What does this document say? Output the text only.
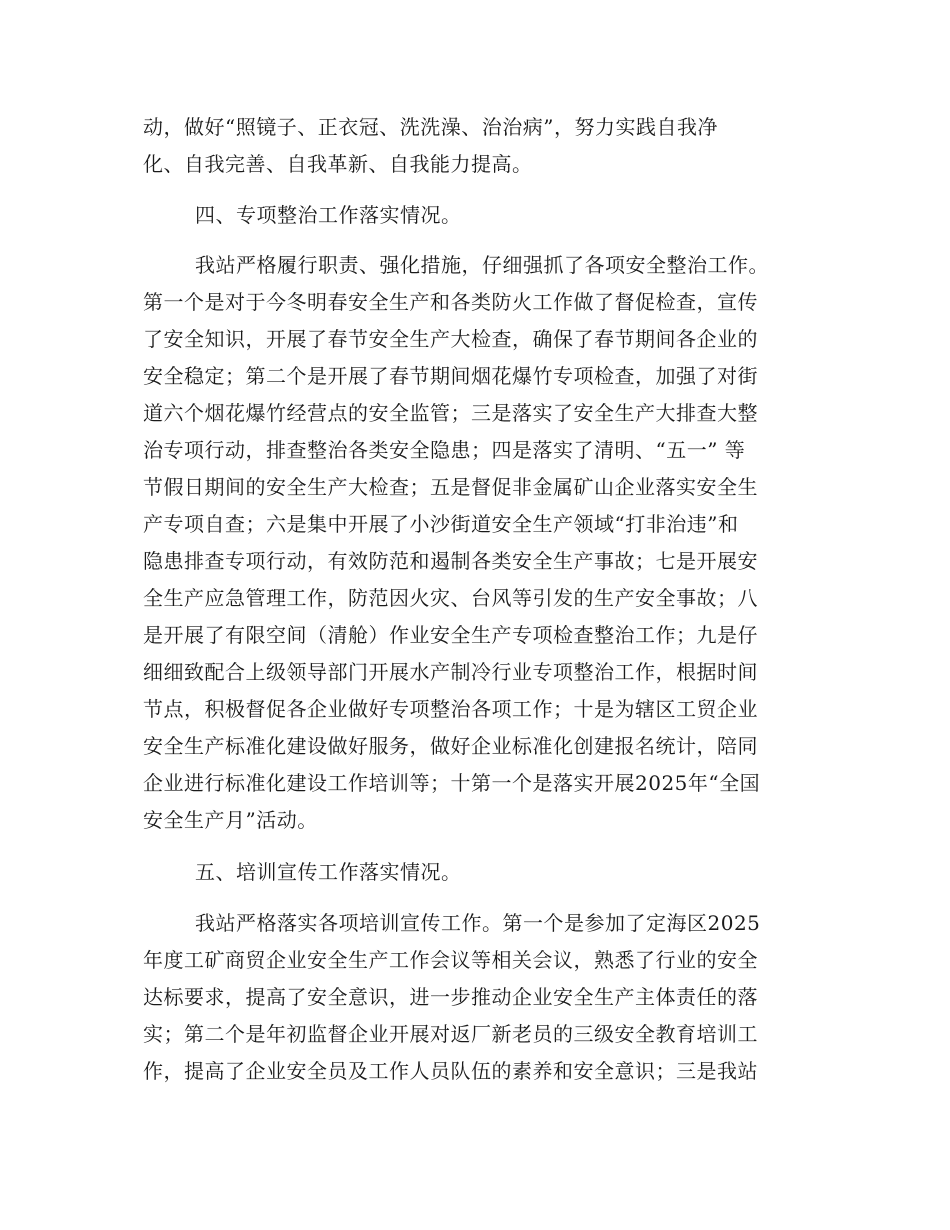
动，做好“照镜子、正衣冠、洗洗澡、治治病”，努力实践自我净
化、自我完善、自我革新、自我能力提高。
四、专项整治工作落实情况。
我站严格履行职责、强化措施，仔细强抓了各项安全整治工作。
第一个是对于今冬明春安全生产和各类防火工作做了督促检查，宣传
了安全知识，开展了春节安全生产大检查，确保了春节期间各企业的
安全稳定；第二个是开展了春节期间烟花爆竹专项检查，加强了对街
道六个烟花爆竹经营点的安全监管；三是落实了安全生产大排查大整
治专项行动，排查整治各类安全隐患；四是落实了清明、“五一” 等
节假日期间的安全生产大检查；五是督促非金属矿山企业落实安全生
产专项自查；六是集中开展了小沙街道安全生产领域“打非治违”和
隐患排查专项行动，有效防范和遏制各类安全生产事故；七是开展安
全生产应急管理工作，防范因火灾、台风等引发的生产安全事故；八
是开展了有限空间（清舱）作业安全生产专项检查整治工作；九是仔
细细致配合上级领导部门开展水产制冷行业专项整治工作，根据时间
节点，积极督促各企业做好专项整治各项工作；十是为辖区工贸企业
安全生产标准化建设做好服务，做好企业标准化创建报名统计，陪同
企业进行标准化建设工作培训等；十第一个是落实开展2025年“全国
安全生产月”活动。
五、培训宣传工作落实情况。
我站严格落实各项培训宣传工作。第一个是参加了定海区2025
年度工矿商贸企业安全生产工作会议等相关会议，熟悉了行业的安全
达标要求，提高了安全意识，进一步推动企业安全生产主体责任的落
实；第二个是年初监督企业开展对返厂新老员的三级安全教育培训工
作，提高了企业安全员及工作人员队伍的素养和安全意识；三是我站
